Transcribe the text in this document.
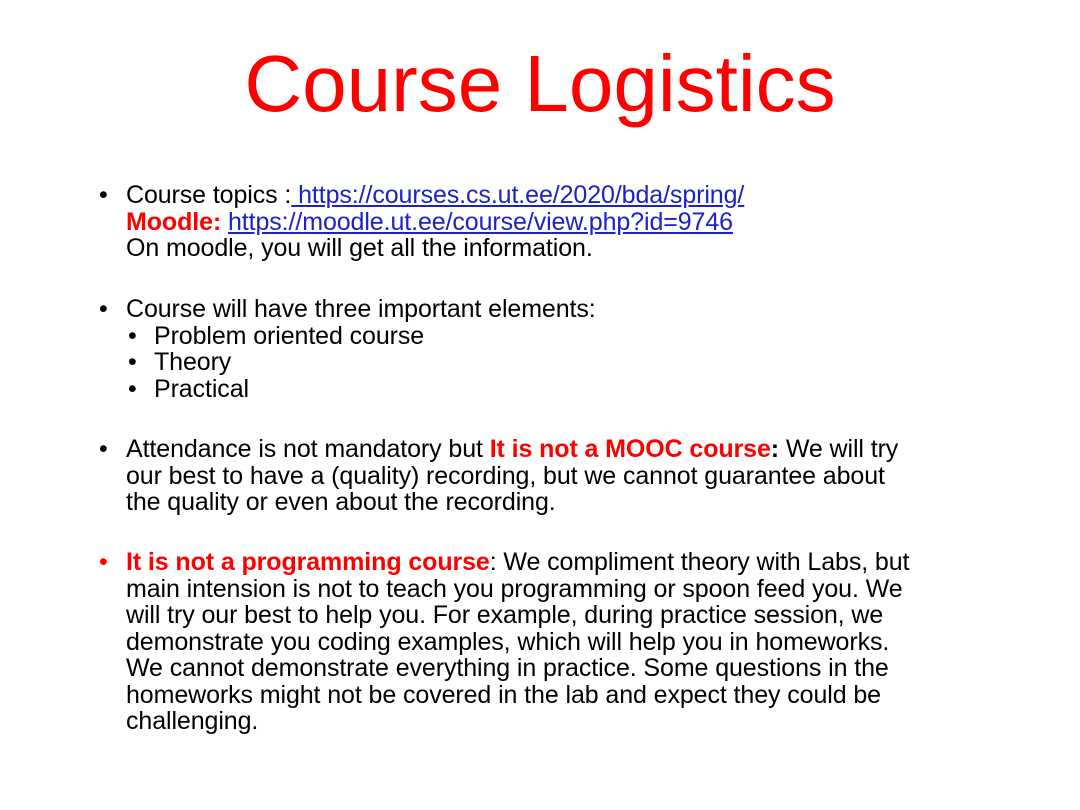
Course Logistics
• Course topics : https://courses.cs.ut.ee/2020/bda/spring/
Moodle: https://moodle.ut.ee/course/view.php?id=9746
On moodle, you will get all the information.
• Course will have three important elements:
• Problem oriented course
• Theory
• Practical
• Attendance is not mandatory but It is not a MOOC course: We will try
our best to have a (quality) recording, but we cannot guarantee about
the quality or even about the recording.
• It is not a programming course: We compliment theory with Labs, but
main intension is not to teach you programming or spoon feed you. We
will try our best to help you. For example, during practice session, we
demonstrate you coding examples, which will help you in homeworks.
We cannot demonstrate everything in practice. Some questions in the
homeworks might not be covered in the lab and expect they could be
challenging.
